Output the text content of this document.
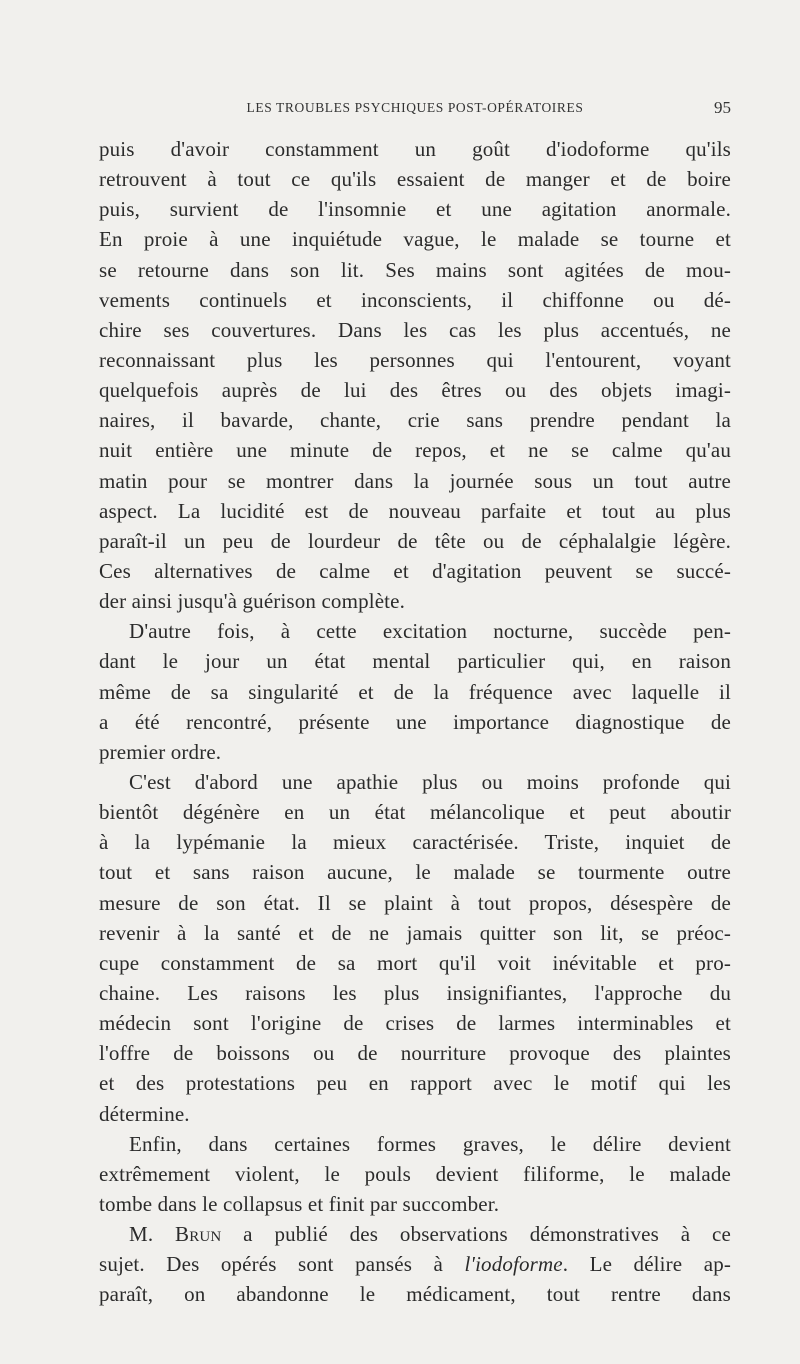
LES TROUBLES PSYCHIQUES POST-OPÉRATOIRES	95
puis d'avoir constamment un goût d'iodoforme qu'ils
retrouvent à tout ce qu'ils essaient de manger et de boire
puis, survient de l'insomnie et une agitation anormale.
En proie à une inquiétude vague, le malade se tourne et
se retourne dans son lit. Ses mains sont agitées de mou-
vements continuels et inconscients, il chiffonne ou dé-
chire ses couvertures. Dans les cas les plus accentués, ne
reconnaissant plus les personnes qui l'entourent, voyant
quelquefois auprès de lui des êtres ou des objets imagi-
naires, il bavarde, chante, crie sans prendre pendant la
nuit entière une minute de repos, et ne se calme qu'au
matin pour se montrer dans la journée sous un tout autre
aspect. La lucidité est de nouveau parfaite et tout au plus
paraît-il un peu de lourdeur de tête ou de céphalalgie légère.
Ces alternatives de calme et d'agitation peuvent se succé-
der ainsi jusqu'à guérison complète.
D'autre fois, à cette excitation nocturne, succède pen-
dant le jour un état mental particulier qui, en raison
même de sa singularité et de la fréquence avec laquelle il
a été rencontré, présente une importance diagnostique de
premier ordre.
C'est d'abord une apathie plus ou moins profonde qui
bientôt dégénère en un état mélancolique et peut aboutir
à la lypémanie la mieux caractérisée. Triste, inquiet de
tout et sans raison aucune, le malade se tourmente outre
mesure de son état. Il se plaint à tout propos, désespère de
revenir à la santé et de ne jamais quitter son lit, se préoc-
cupe constamment de sa mort qu'il voit inévitable et pro-
chaine. Les raisons les plus insignifiantes, l'approche du
médecin sont l'origine de crises de larmes interminables et
l'offre de boissons ou de nourriture provoque des plaintes
et des protestations peu en rapport avec le motif qui les
détermine.
Enfin, dans certaines formes graves, le délire devient
extrêmement violent, le pouls devient filiforme, le malade
tombe dans le collapsus et finit par succomber.
M. Brun a publié des observations démonstratives à ce
sujet. Des opérés sont pansés à l'iodoforme. Le délire ap-
paraît, on abandonne le médicament, tout rentre dans
